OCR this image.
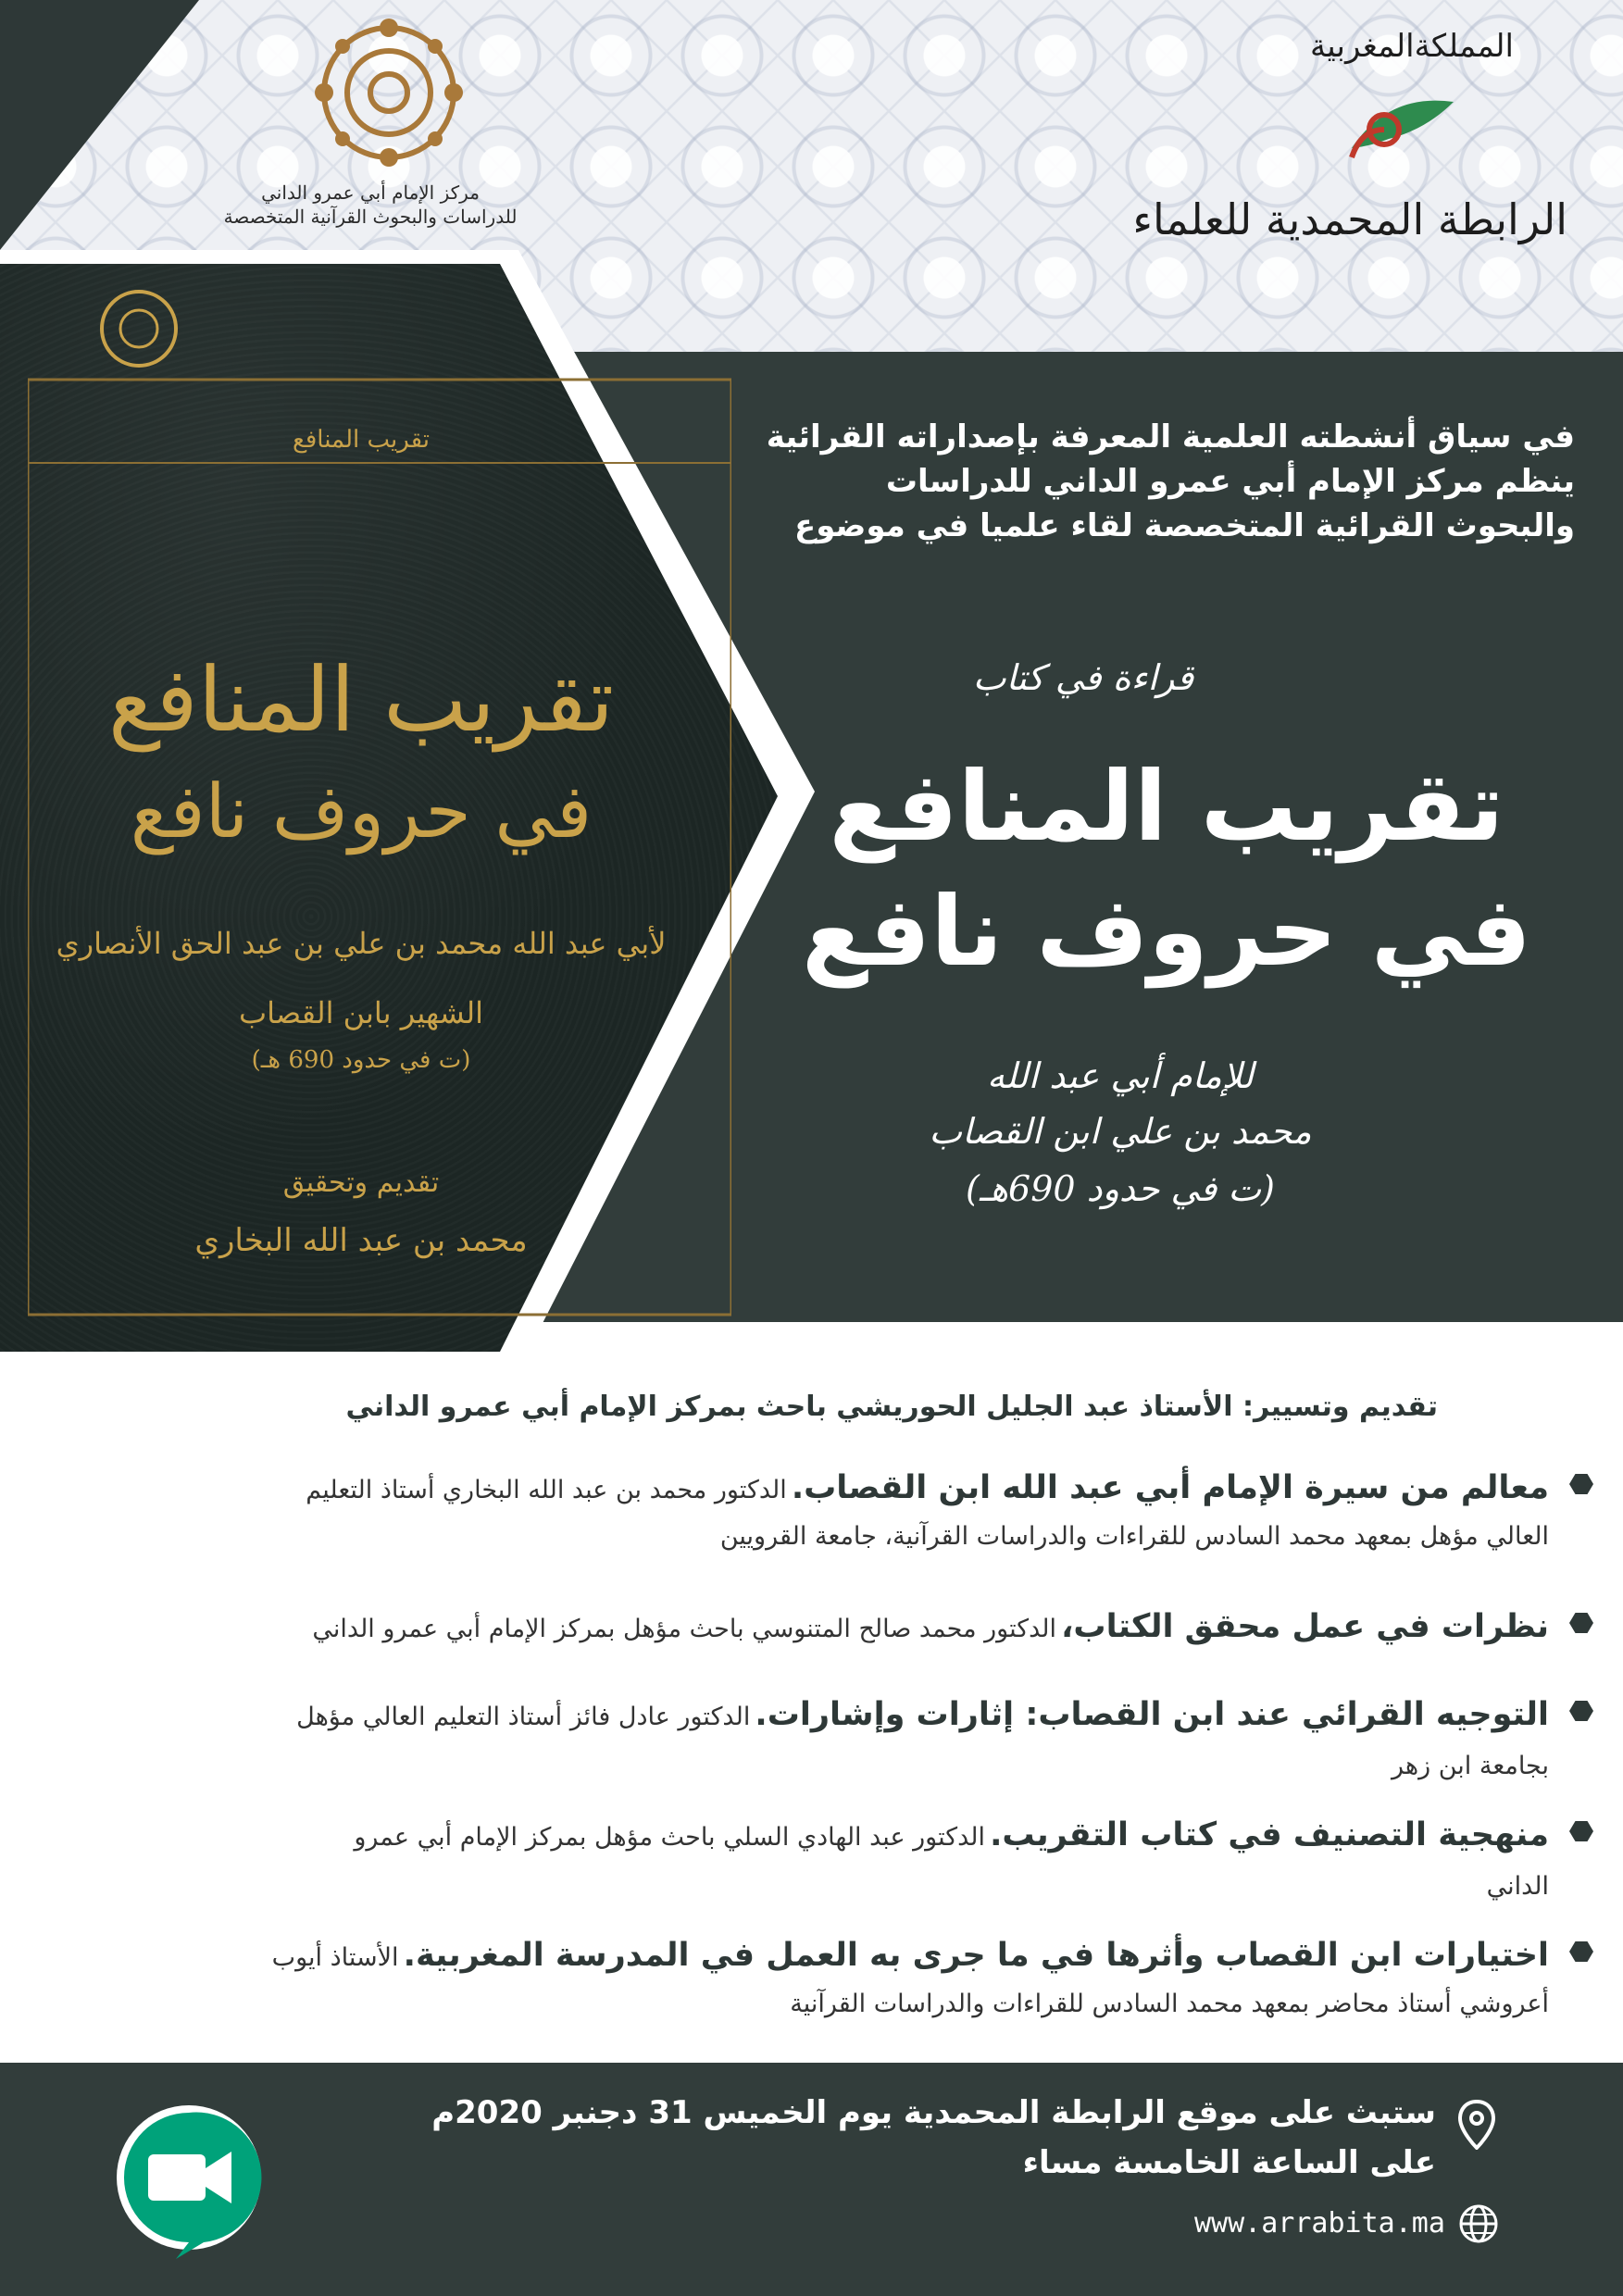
مركز الإمام أبي عمرو الداني
للدراسات والبحوث القرآنية المتخصصة
المملكةالمغربية
الرابطة المحمدية للعلماء
تقريب المنافع
تقريب المنافع
في حروف نافع
لأبي عبد الله محمد بن علي بن عبد الحق الأنصاري
الشهير بابن القصاب
(ت في حدود 690 هـ)
تقديم وتحقيق
محمد بن عبد الله البخاري
في سياق أنشطته العلمية المعرفة بإصداراته القرائية
ينظم مركز الإمام أبي عمرو الداني للدراسات
والبحوث القرائية المتخصصة لقاء علميا في موضوع
قراءة في كتاب
تقريب المنافع
في حروف نافع
للإمام أبي عبد الله
محمد بن علي ابن القصاب
(ت في حدود 690هـ)
تقديم وتسيير: الأستاذ عبد الجليل الحوريشي باحث بمركز الإمام أبي عمرو الداني
معالم من سيرة الإمام أبي عبد الله ابن القصاب. الدكتور محمد بن عبد الله البخاري أستاذ التعليم
العالي مؤهل بمعهد محمد السادس للقراءات والدراسات القرآنية، جامعة القرويين
نظرات في عمل محقق الكتاب، الدكتور محمد صالح المتنوسي باحث مؤهل بمركز الإمام أبي عمرو الداني
التوجيه القرائي عند ابن القصاب: إثارات وإشارات. الدكتور عادل فائز أستاذ التعليم العالي مؤهل
بجامعة ابن زهر
منهجية التصنيف في كتاب التقريب. الدكتور عبد الهادي السلي باحث مؤهل بمركز الإمام أبي عمرو
الداني
اختيارات ابن القصاب وأثرها في ما جرى به العمل في المدرسة المغربية. الأستاذ أيوب
أعروشي أستاذ محاضر بمعهد محمد السادس للقراءات والدراسات القرآنية
ستبث على موقع الرابطة المحمدية يوم الخميس 31 دجنبر 2020م
على الساعة الخامسة مساء
www.arrabita.ma
